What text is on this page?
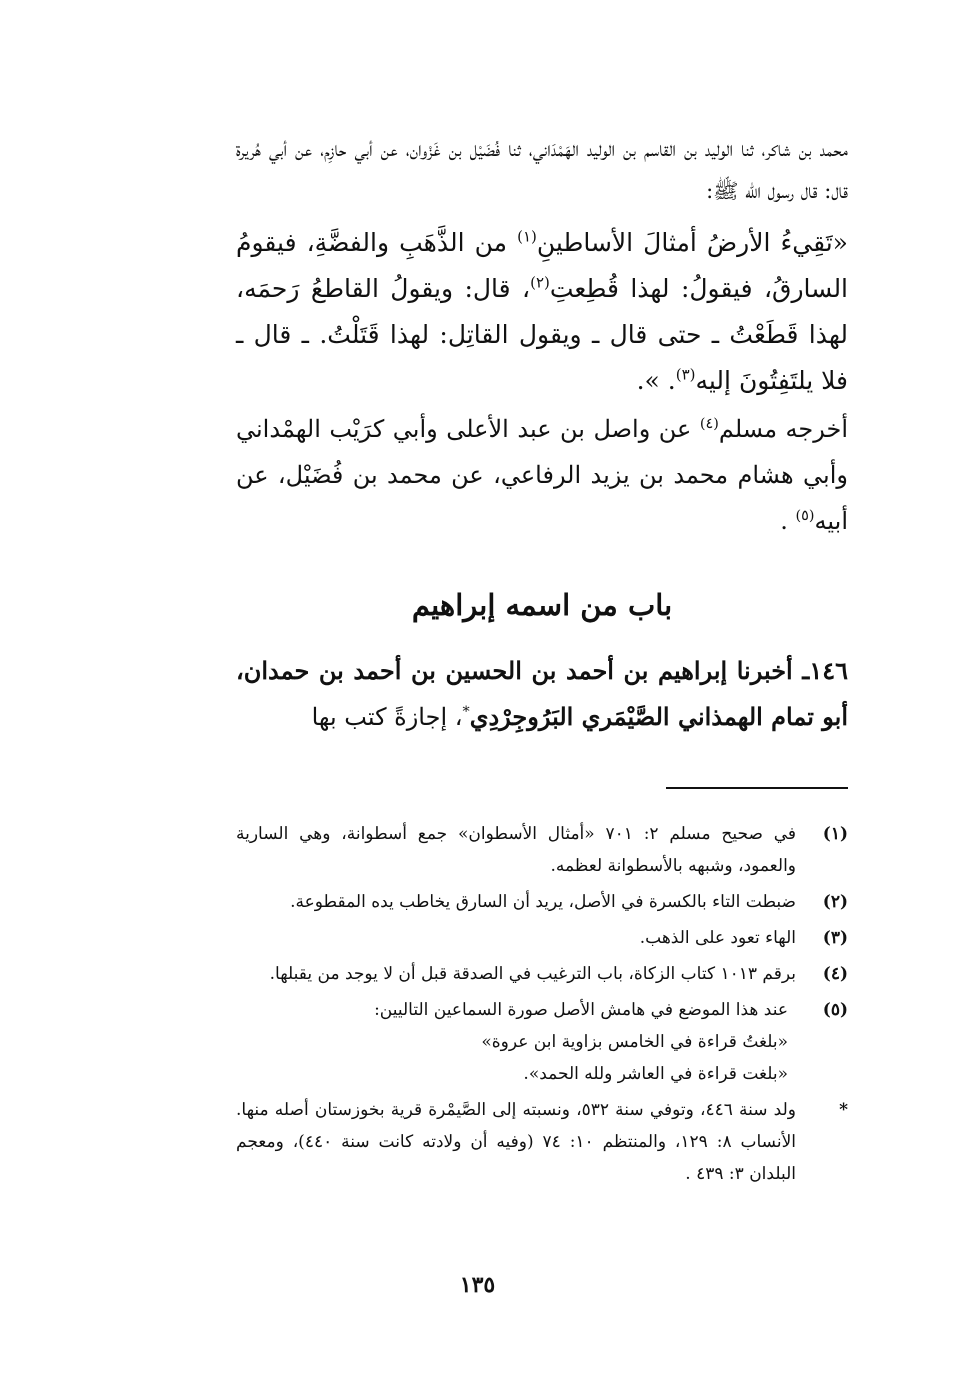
محمد بن شاكر، ثنا الوليد بن القاسم بن الوليد الهَمْدَاني، ثنا فُضَيْل بن غَزْوان، عن أبي حازِم، عن أبي هُريرة قال: قال رسول الله ﷺ:

«تَقِيءُ الأرضُ أمثالَ الأساطينِ$^{(١)}$ من الذَّهَبِ والفضَّةِ، فيقومُ السارقُ، فيقولُ: لهذا قُطِعتِ$^{(٢)}$، قال: ويقولُ القاطعُ رَحمَه، لهذا قَطَعْتُ ـ حتى قال ـ ويقول القاتِل: لهذا قَتَلْتُ. ـ قال ـ فلا يلتَفِتُونَ إليه$^{(٣)}$. ».

أخرجه مسلم$^{(٤)}$ عن واصل بن عبد الأعلى وأبي كرَيْب الهمْداني وأبي هشام محمد بن يزيد الرفاعي، عن محمد بن فُضَيْل، عن أبيه$^{(٥)}$ .

باب من اسمه إبراهيم

١٤٦ـ أخبرنا إبراهيم بن أحمد بن الحسين بن أحمد بن حمدان، أبو تمام الهمذاني الصَّيْمَري البَرُوجِرْدِي*، إجازةً كتب بها

(١)
في صحيح مسلم ٢: ٧٠١ «أمثال الأسطوان» جمع أسطوانة، وهي السارية والعمود، وشبهه بالأسطوانة لعظمه.
(٢)
ضبطت التاء بالكسرة في الأصل، يريد أن السارق يخاطب يده المقطوعة.
(٣)
الهاء تعود على الذهب.
(٤)
برقم ١٠١٣ كتاب الزكاة، باب الترغيب في الصدقة قبل أن لا يوجد من يقبلها.
(٥)
عند هذا الموضع في هامش الأصل صورة السماعين التاليين:
«بلغتُ قراءة في الخامس بزاوية ابن عروة»
«بلغت قراءة في العاشر ولله الحمد».
*
ولد سنة ٤٤٦، وتوفي سنة ٥٣٢، ونسبته إلى الصَّيمْرة قرية بخوزستان أصله منها. الأنساب ٨: ١٢٩، والمنتظم ١٠: ٧٤ (وفيه أن ولادته كانت سنة ٤٤٠)، ومعجم البلدان ٣: ٤٣٩ .
١٣٥
